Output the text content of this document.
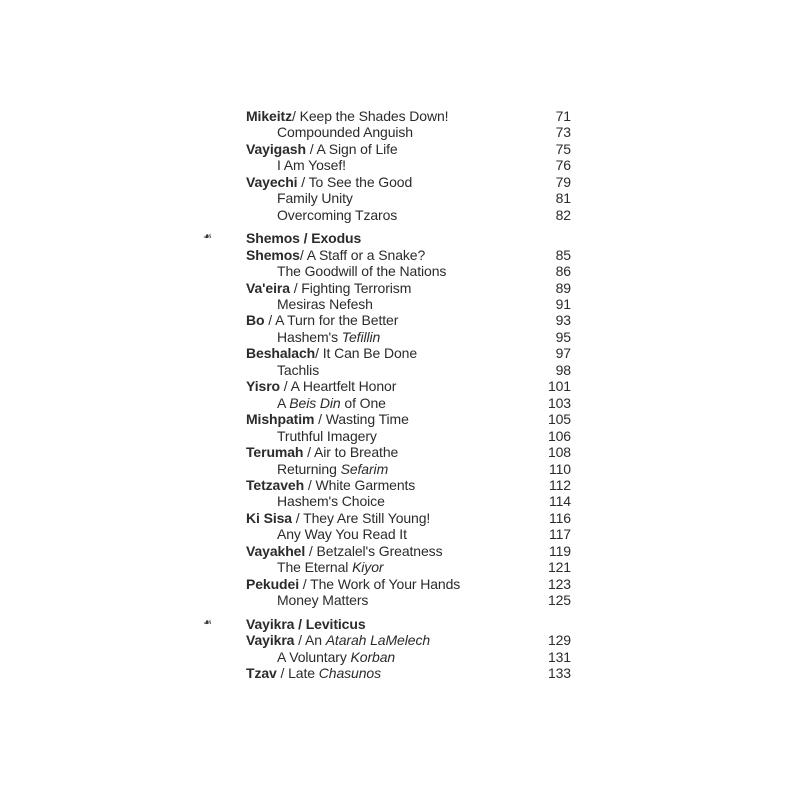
Mikeitz/ Keep the Shades Down!	71
Compounded Anguish	73
Vayigash / A Sign of Life	75
I Am Yosef!	76
Vayechi / To See the Good	79
Family Unity	81
Overcoming Tzaros	82
❧ Shemos / Exodus
Shemos/ A Staff or a Snake?	85
The Goodwill of the Nations	86
Va'eira / Fighting Terrorism	89
Mesiras Nefesh	91
Bo / A Turn for the Better	93
Hashem's Tefillin	95
Beshalach/ It Can Be Done	97
Tachlis	98
Yisro / A Heartfelt Honor	101
A Beis Din of One	103
Mishpatim / Wasting Time	105
Truthful Imagery	106
Terumah / Air to Breathe	108
Returning Sefarim	110
Tetzaveh / White Garments	112
Hashem's Choice	114
Ki Sisa / They Are Still Young!	116
Any Way You Read It	117
Vayakhel / Betzalel's Greatness	119
The Eternal Kiyor	121
Pekudei / The Work of Your Hands	123
Money Matters	125
❧ Vayikra / Leviticus
Vayikra / An Atarah LaMelech	129
A Voluntary Korban	131
Tzav / Late Chasunos	133
